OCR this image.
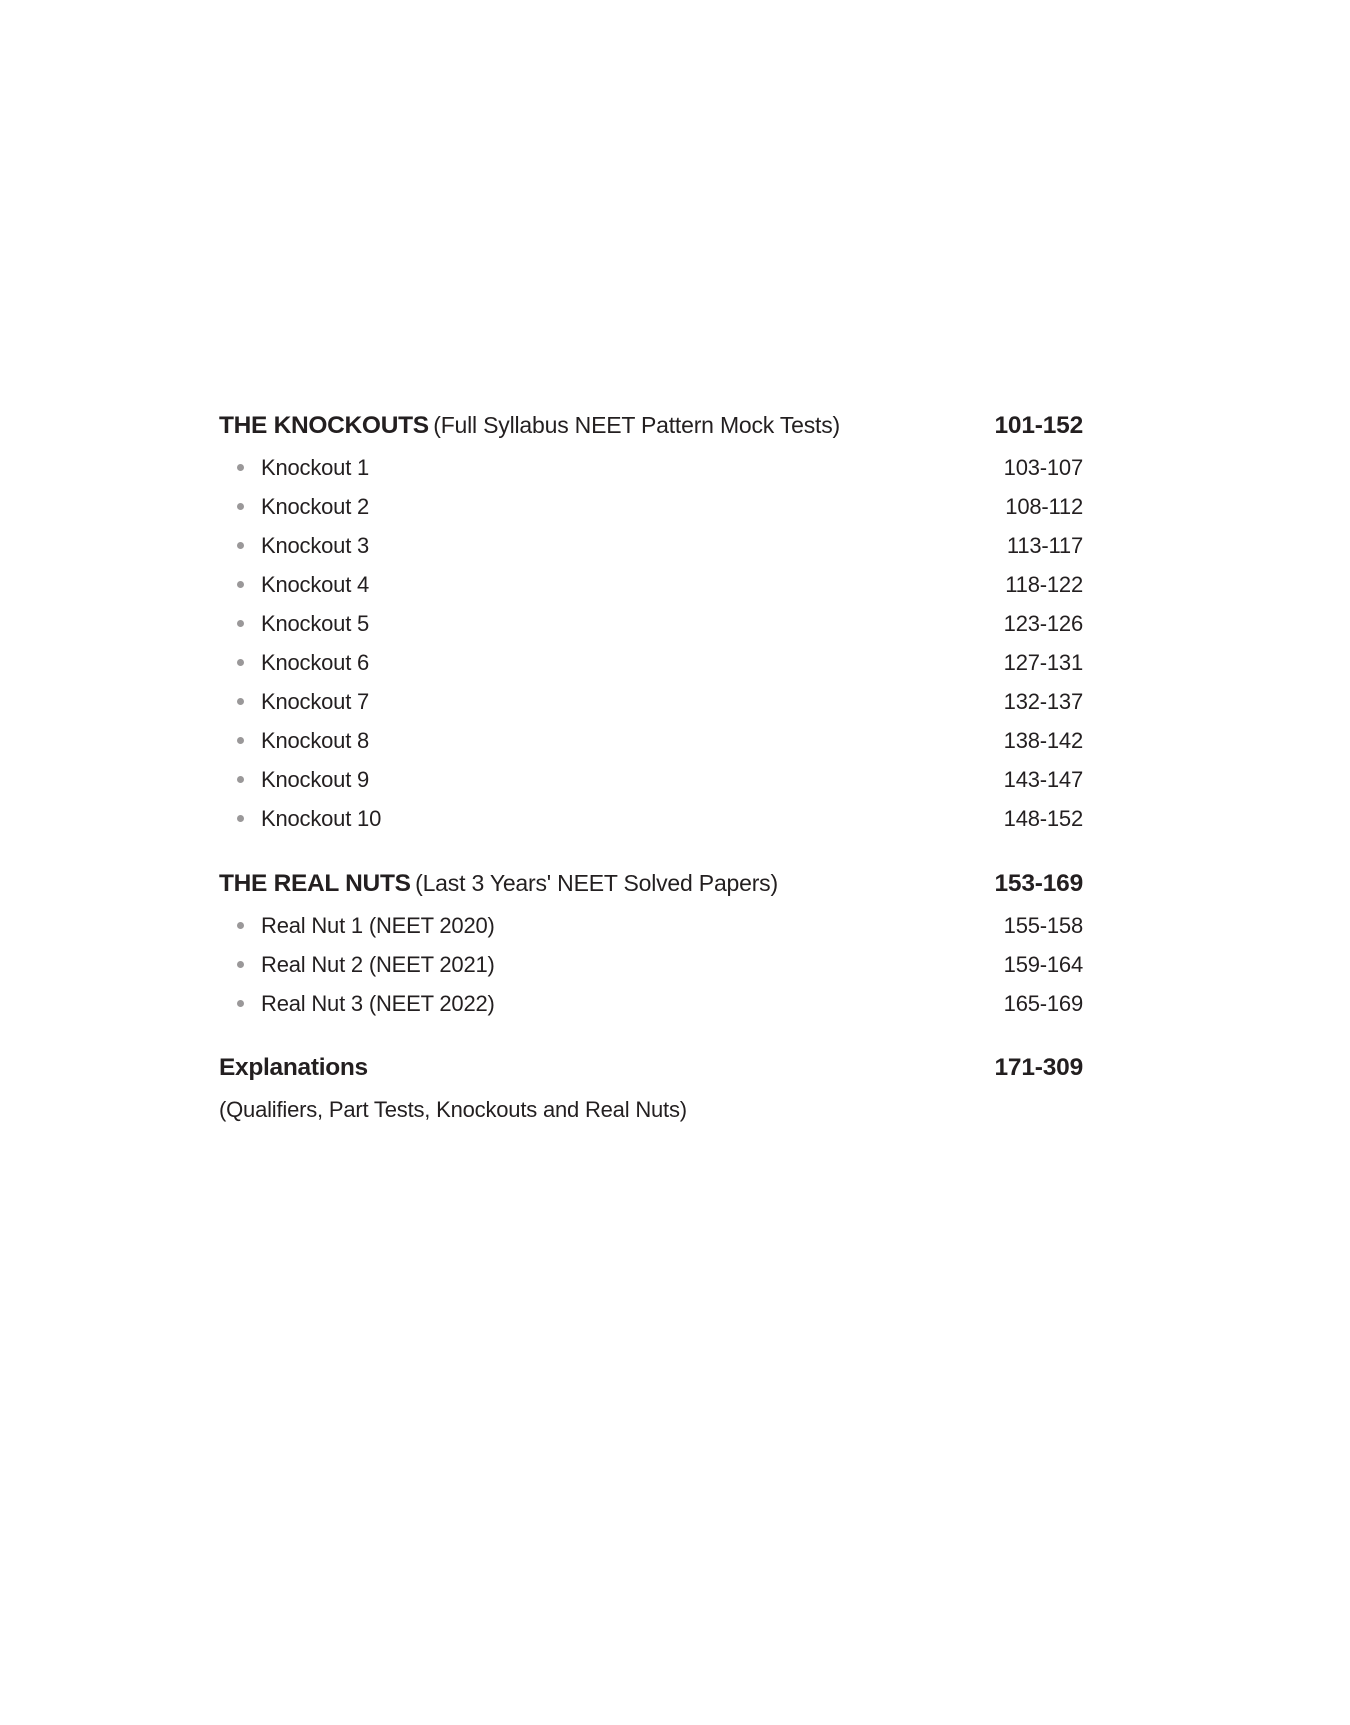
THE KNOCKOUTS (Full Syllabus NEET Pattern Mock Tests)	101-152
Knockout 1	103-107
Knockout 2	108-112
Knockout 3	113-117
Knockout 4	118-122
Knockout 5	123-126
Knockout 6	127-131
Knockout 7	132-137
Knockout 8	138-142
Knockout 9	143-147
Knockout 10	148-152
THE REAL NUTS (Last 3 Years' NEET Solved Papers)	153-169
Real Nut 1 (NEET 2020)	155-158
Real Nut 2 (NEET 2021)	159-164
Real Nut 3 (NEET 2022)	165-169
Explanations	171-309
(Qualifiers, Part Tests, Knockouts and Real Nuts)
